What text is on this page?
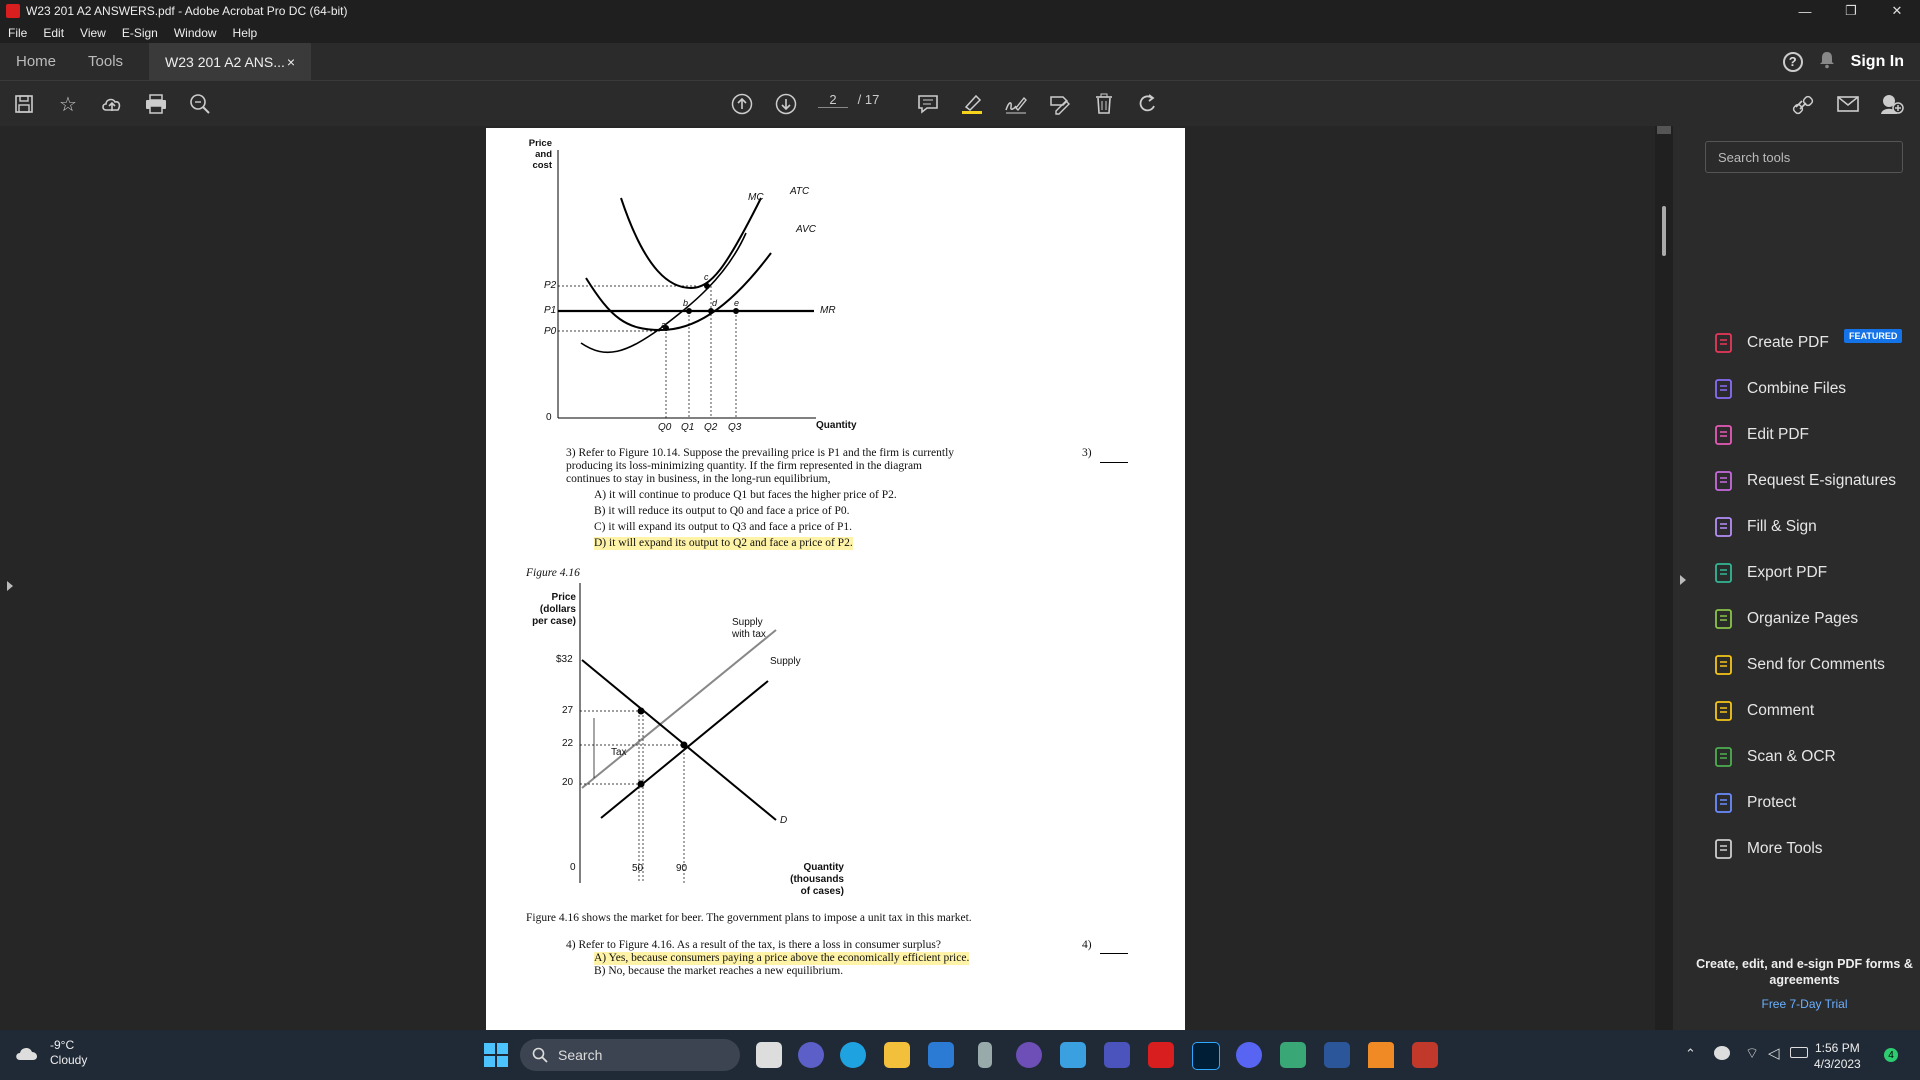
W23 201 A2 ANSWERS.pdf - Adobe Acrobat Pro DC (64-bit)	—	❐	✕
File	Edit	View	E-Sign	Window	Help
Home	Tools	W23 201 A2 ANS... ×	?	Sign In
☆	2 / 17
Price
and
cost
MC
ATC
AVC
MR
P2
P1
P0
0
a
b
c
d e
Q0 Q1 Q2 Q3	Quantity
3) Refer to Figure 10.14. Suppose the prevailing price is P1 and the firm is currently producing its loss-minimizing quantity. If the firm represented in the diagram continues to stay in business, in the long-run equilibrium,
3)
A) it will continue to produce Q1 but faces the higher price of P2.
B) it will reduce its output to Q0 and face a price of P0.
C) it will expand its output to Q3 and face a price of P1.
D) it will expand its output to Q2 and face a price of P2.
Figure 4.16
Price
(dollars
per case)	Supply
with tax
Supply
D
Tax
$32
27
22
20
0	50	90	Quantity
(thousands
of cases)
Figure 4.16 shows the market for beer. The government plans to impose a unit tax in this market.
4) Refer to Figure 4.16. As a result of the tax, is there a loss in consumer surplus?	4)
A) Yes, because consumers paying a price above the economically efficient price.
B) No, because the market reaches a new equilibrium.
Search tools
Create PDF
Combine Files
Edit PDF
Request E-signatures
Fill & Sign
Export PDF
Organize Pages
Send for Comments
Comment
Scan & OCR
Protect
More Tools
FEATURED
Create, edit, and e-sign PDF forms & agreements
Free 7-Day Trial
-9°C
Cloudy	Search	⌃	⌔ ◁	1:56 PM
4/3/2023
4
